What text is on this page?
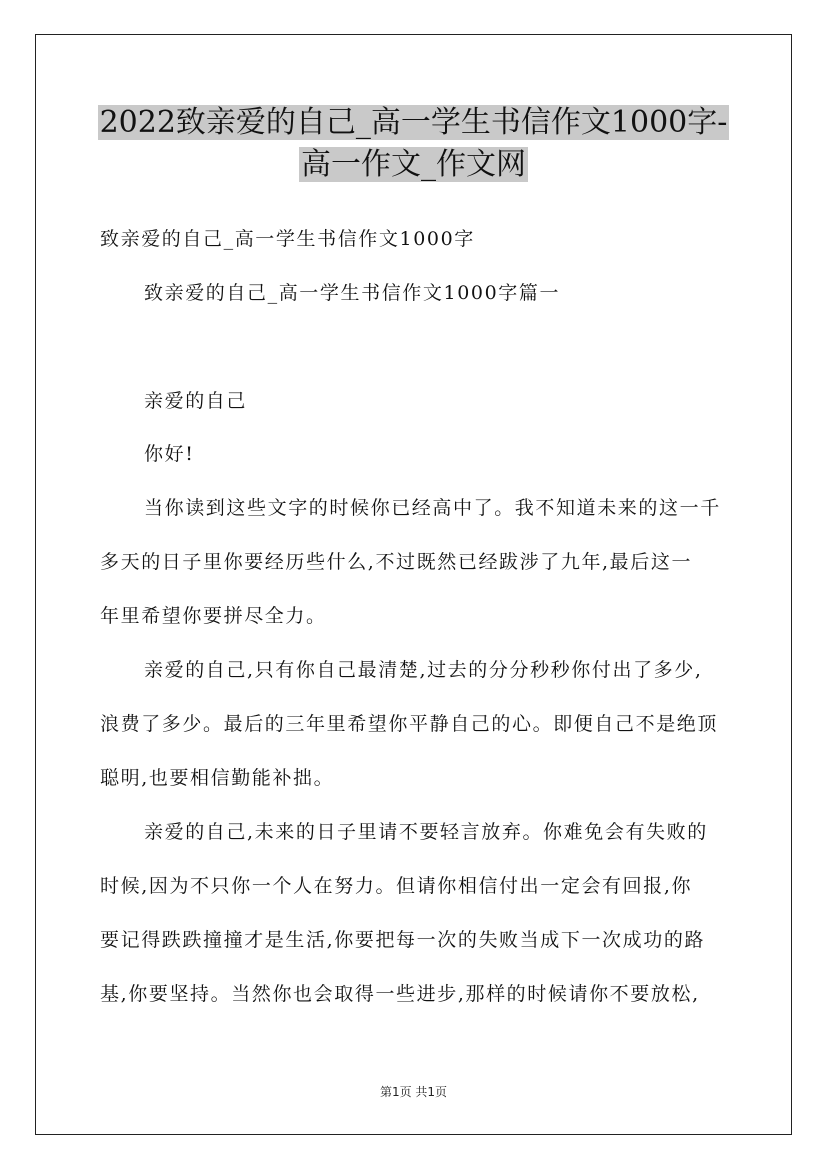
2022致亲爱的自己_高一学生书信作文1000字-
高一作文_作文网
致亲爱的自己_高一学生书信作文1000字
致亲爱的自己_高一学生书信作文1000字篇一
亲爱的自己
你好!
当你读到这些文字的时候你已经高中了。我不知道未来的这一千
多天的日子里你要经历些什么,不过既然已经跋涉了九年,最后这一
年里希望你要拼尽全力。
亲爱的自己,只有你自己最清楚,过去的分分秒秒你付出了多少,
浪费了多少。最后的三年里希望你平静自己的心。即便自己不是绝顶
聪明,也要相信勤能补拙。
亲爱的自己,未来的日子里请不要轻言放弃。你难免会有失败的
时候,因为不只你一个人在努力。但请你相信付出一定会有回报,你
要记得跌跌撞撞才是生活,你要把每一次的失败当成下一次成功的路
基,你要坚持。当然你也会取得一些进步,那样的时候请你不要放松,
第1页 共1页
